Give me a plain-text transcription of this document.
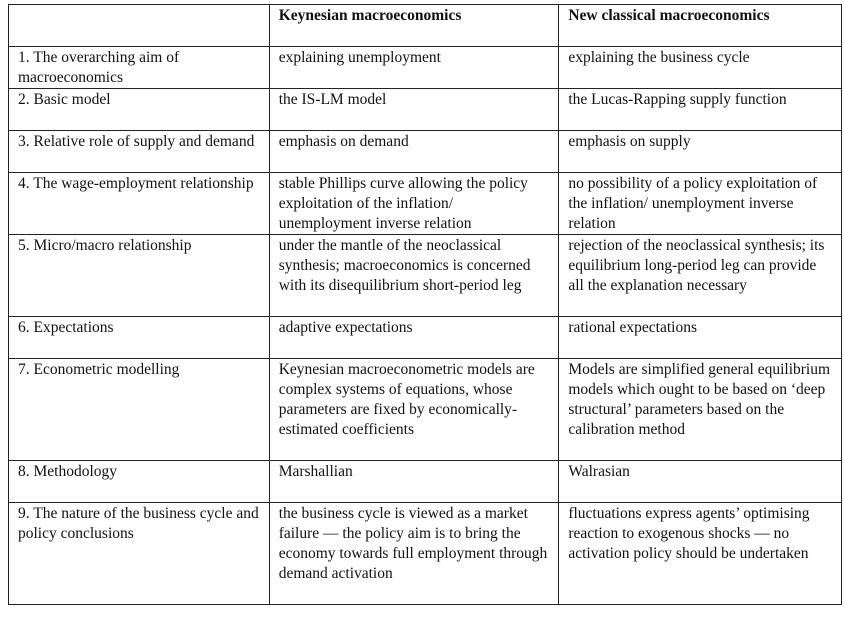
	Keynesian macroeconomics	New classical macroeconomics
1. The overarching aim of macroeconomics	explaining unemployment	explaining the business cycle
2. Basic model	the IS-LM model	the Lucas-Rapping supply function
3. Relative role of supply and demand	emphasis on demand	emphasis on supply
4. The wage-employment relationship	stable Phillips curve allowing the policy exploitation of the inflation/ unemployment inverse relation	no possibility of a policy exploitation of the inflation/ unemployment inverse relation
5. Micro/macro relationship	under the mantle of the neoclassical synthesis; macroeconomics is concerned with its disequilibrium short-period leg	rejection of the neoclassical synthesis; its equilibrium long-period leg can provide all the explanation necessary
6. Expectations	adaptive expectations	rational expectations
7. Econometric modelling	Keynesian macroeconometric models are complex systems of equations, whose parameters are fixed by economically-estimated coefficients	Models are simplified general equilibrium models which ought to be based on ‘deep structural’ parameters based on the calibration method
8. Methodology	Marshallian	Walrasian
9. The nature of the business cycle and policy conclusions	the business cycle is viewed as a market failure — the policy aim is to bring the economy towards full employment through demand activation	fluctuations express agents’ optimising reaction to exogenous shocks — no activation policy should be undertaken
